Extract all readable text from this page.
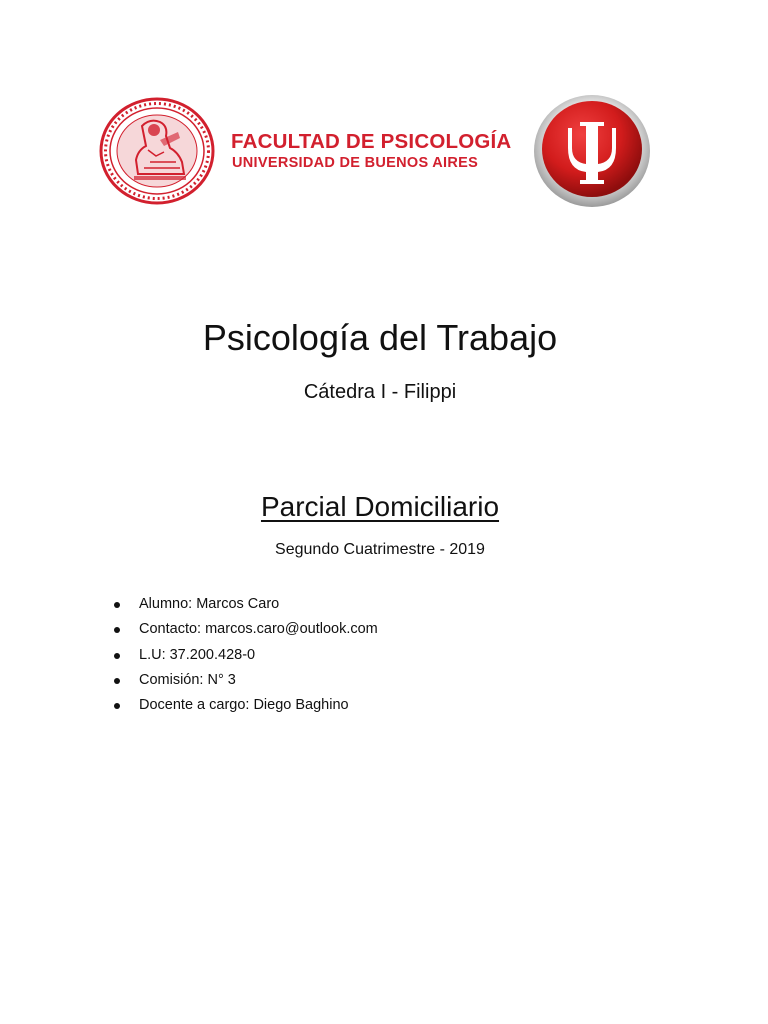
FACULTAD DE PSICOLOGÍA
UNIVERSIDAD DE BUENOS AIRES
Psicología del Trabajo
Cátedra I - Filippi
Parcial Domiciliario
Segundo Cuatrimestre - 2019
Alumno: Marcos Caro
Contacto: marcos.caro@outlook.com
L.U: 37.200.428-0
Comisión: N° 3
Docente a cargo: Diego Baghino
